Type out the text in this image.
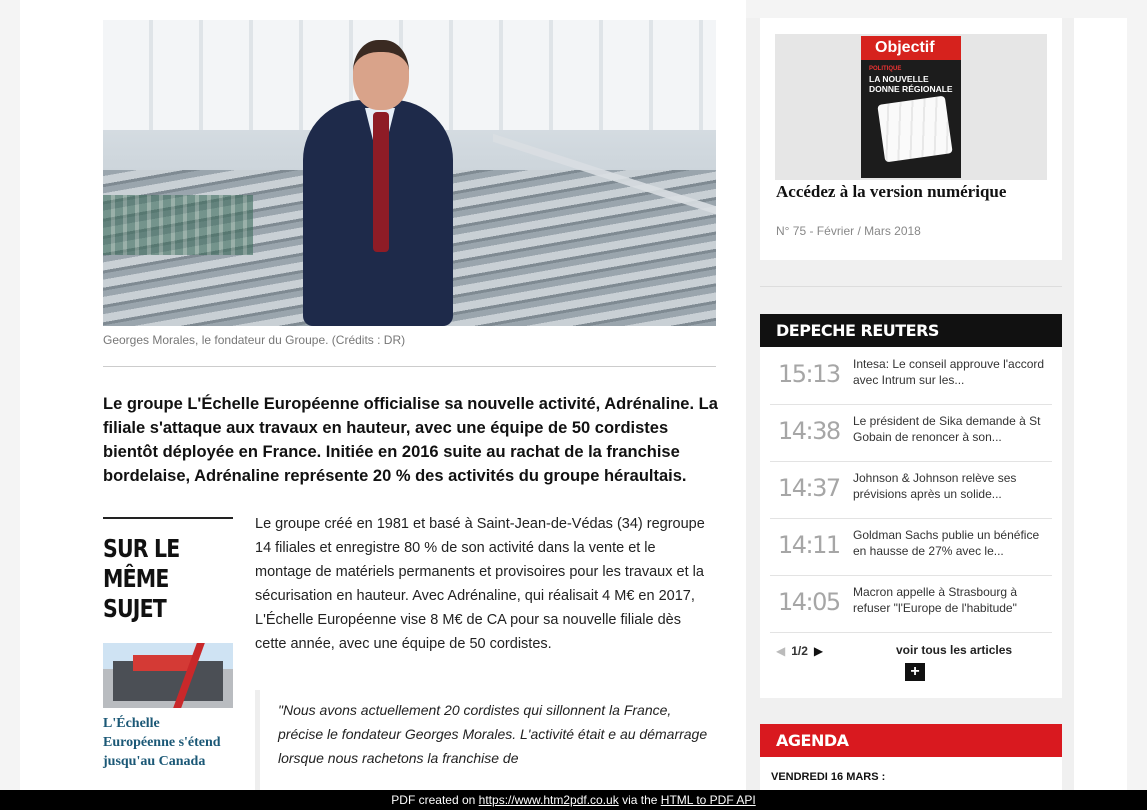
Georges Morales, le fondateur du Groupe. (Crédits : DR)
Le groupe L'Échelle Européenne officialise sa nouvelle activité, Adrénaline. La filiale s'attaque aux travaux en hauteur, avec une équipe de 50 cordistes bientôt déployée en France. Initiée en 2016 suite au rachat de la franchise bordelaise, Adrénaline représente 20 % des activités du groupe héraultais.
SUR LE MÊME SUJET
L'Échelle Européenne s'étend jusqu'au Canada
Le groupe créé en 1981 et basé à Saint-Jean-de-Védas (34) regroupe 14 filiales et enregistre 80 % de son activité dans la vente et le montage de matériels permanents et provisoires pour les travaux et la sécurisation en hauteur. Avec Adrénaline, qui réalisait 4 M€ en 2017, L'Échelle Européenne vise 8 M€ de CA pour sa nouvelle filiale dès cette année, avec une équipe de 50 cordistes.

"Nous avons actuellement 20 cordistes qui sillonnent la France, précise le fondateur Georges Morales. L'activité était e au démarrage lorsque nous rachetons la franchise de

Objectif
POLITIQUE
LA NOUVELLE DONNE RÉGIONALE
Accédez à la version numérique
N° 75 - Février / Mars 2018
DEPECHE REUTERS
15:13 Intesa: Le conseil approuve l'accord avec Intrum sur les...
14:38 Le président de Sika demande à St Gobain de renoncer à son...
14:37 Johnson & Johnson relève ses prévisions après un solide...
14:11 Goldman Sachs publie un bénéfice en hausse de 27% avec le...
14:05 Macron appelle à Strasbourg à refuser "l'Europe de l'habitude"
◀ 1/2 ▶	voir tous les articles
+
AGENDA
VENDREDI 16 MARS :
PDF created on https://www.htm2pdf.co.uk via the HTML to PDF API
